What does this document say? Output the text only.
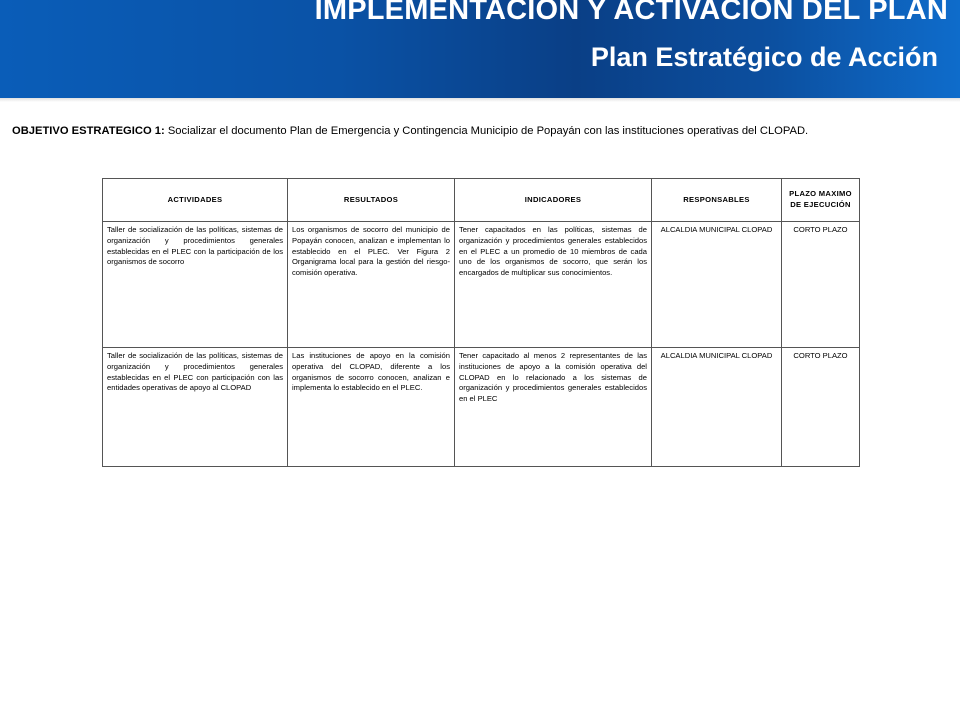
IMPLEMENTACION Y ACTIVACION DEL PLAN
Plan Estratégico de Acción
OBJETIVO ESTRATEGICO 1: Socializar el documento Plan de Emergencia y Contingencia Municipio de Popayán con las instituciones operativas del CLOPAD.
ACTIVIDADES	RESULTADOS	INDICADORES	RESPONSABLES	PLAZO MAXIMO DE EJECUCIÓN
Taller de socialización de las políticas, sistemas de organización y procedimientos generales establecidas en el PLEC con la participación de los organismos de socorro	Los organismos de socorro del municipio de Popayán conocen, analizan e implementan lo establecido en el PLEC. Ver Figura 2 Organigrama local para la gestión del riesgo- comisión operativa.	Tener capacitados en las políticas, sistemas de organización y procedimientos generales establecidos en el PLEC a un promedio de 10 miembros de cada uno de los organismos de socorro, que serán los encargados de multiplicar sus conocimientos.	ALCALDIA MUNICIPAL CLOPAD	CORTO PLAZO
Taller de socialización de las políticas, sistemas de organización y procedimientos generales establecidas en el PLEC con participación con las entidades operativas de apoyo al CLOPAD	Las instituciones de apoyo en la comisión operativa del CLOPAD, diferente a los organismos de socorro conocen, analizan e implementa lo establecido en el PLEC.	Tener capacitado al menos 2 representantes de las instituciones de apoyo a la comisión operativa del CLOPAD en lo relacionado a los sistemas de organización y procedimientos generales establecidos en el PLEC	ALCALDIA MUNICIPAL CLOPAD	CORTO PLAZO
